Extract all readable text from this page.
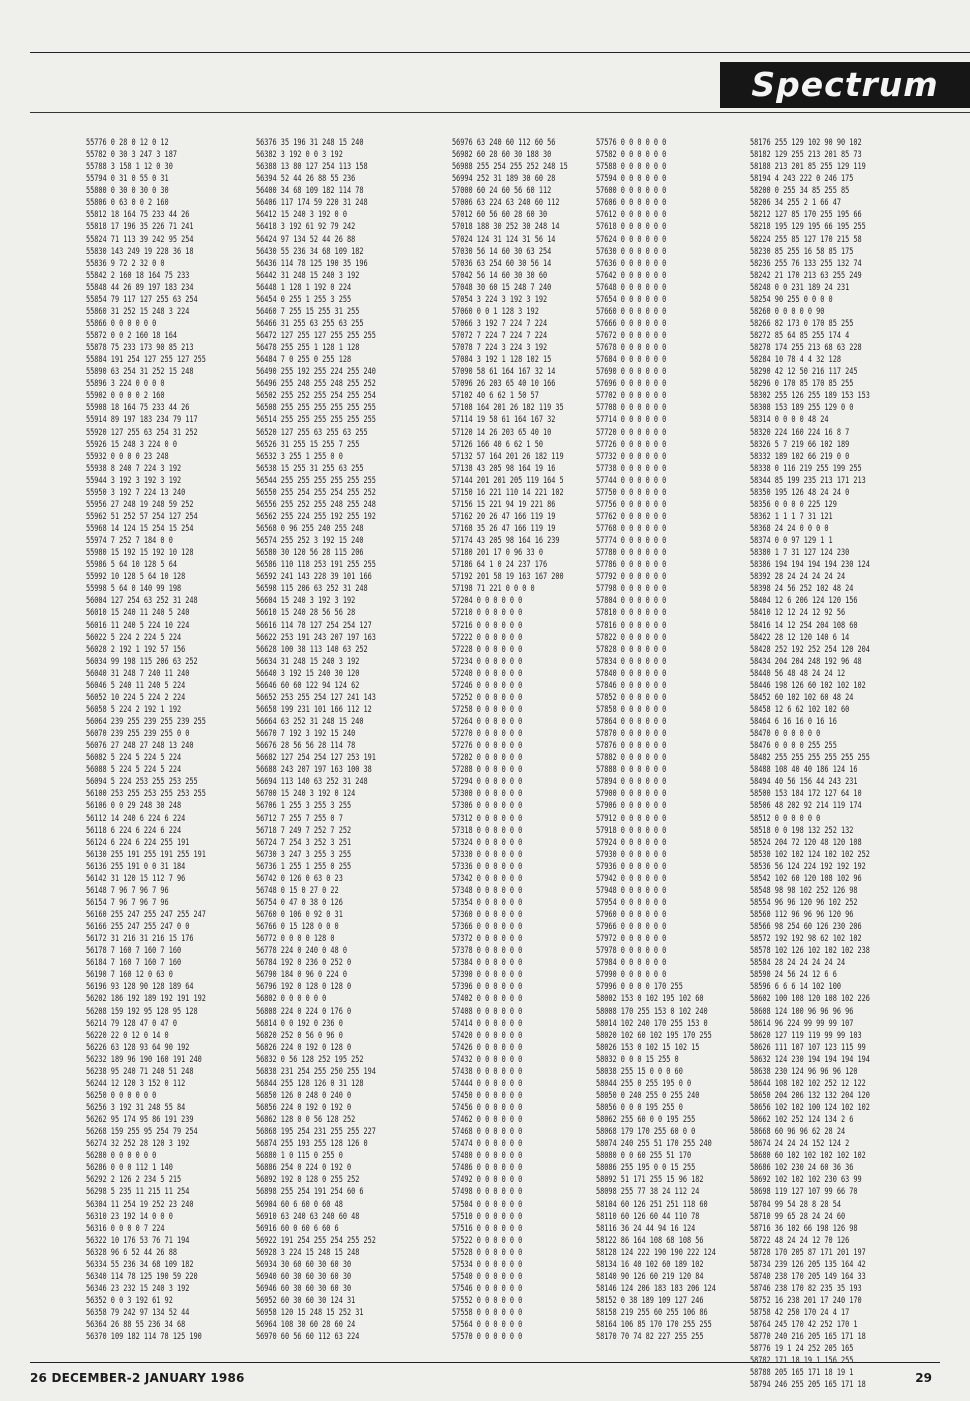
Spectrum
55776 0 28 0 12 0 12
55782 0 30 3 247 3 187
55788 3 158 1 12 0 30
55794 0 31 0 55 0 31
55800 0 30 0 30 0 30
55806 0 63 0 0 2 160
55812 18 164 75 233 44 26
55818 17 196 35 226 71 241
55824 71 113 39 242 95 254
55830 143 249 19 228 36 18
55836 9 72 2 32 0 0
55842 2 160 18 164 75 233
55848 44 26 89 197 183 234
55854 79 117 127 255 63 254
55860 31 252 15 248 3 224
55866 0 0 0 0 0 0
55872 0 0 2 160 18 164
55878 75 233 173 90 85 213
55884 191 254 127 255 127 255
55890 63 254 31 252 15 248
55896 3 224 0 0 0 0
55902 0 0 0 0 2 160
55908 18 164 75 233 44 26
55914 89 197 183 234 79 117
55920 127 255 63 254 31 252
55926 15 248 3 224 0 0
55932 0 0 0 0 23 248
55938 8 240 7 224 3 192
55944 3 192 3 192 3 192
55950 3 192 7 224 13 240
55956 27 248 19 248 59 252
55962 51 252 57 254 127 254
55968 14 124 15 254 15 254
55974 7 252 7 184 0 0
55980 15 192 15 192 10 128
55986 5 64 10 128 5 64
55992 10 128 5 64 10 128
55998 5 64 0 140 99 198
56004 127 254 63 252 31 248
56010 15 240 11 240 5 240
56016 11 240 5 224 10 224
56022 5 224 2 224 5 224
56028 2 192 1 192 57 156
56034 99 198 115 206 63 252
56040 31 248 7 240 11 240
56046 5 240 11 240 5 224
56052 10 224 5 224 2 224
56058 5 224 2 192 1 192
56064 239 255 239 255 239 255
56070 239 255 239 255 0 0
56076 27 248 27 248 13 240
56082 5 224 5 224 5 224
56088 5 224 5 224 5 224
56094 5 224 253 255 253 255
56100 253 255 253 255 253 255
56106 0 0 29 248 30 248
56112 14 240 6 224 6 224
56118 6 224 6 224 6 224
56124 6 224 6 224 255 191
56130 255 191 255 191 255 191
56136 255 191 0 0 31 184
56142 31 120 15 112 7 96
56148 7 96 7 96 7 96
56154 7 96 7 96 7 96
56160 255 247 255 247 255 247
56166 255 247 255 247 0 0
56172 31 216 31 216 15 176
56178 7 160 7 160 7 160
56184 7 160 7 160 7 160
56190 7 160 12 0 63 0
56196 93 128 90 128 189 64
56202 186 192 189 192 191 192
56208 159 192 95 128 95 128
56214 79 128 47 0 47 0
56220 22 0 12 0 14 0
56226 63 128 93 64 90 192
56232 189 96 190 160 191 240
56238 95 240 71 240 51 248
56244 12 120 3 152 0 112
56250 0 0 0 0 0 0
56256 3 192 31 248 55 84
56262 95 174 95 86 191 239
56268 159 255 95 254 79 254
56274 32 252 28 120 3 192
56280 0 0 0 0 0 0
56286 0 0 0 112 1 140
56292 2 126 2 234 5 215
56298 5 235 11 215 11 254
56304 11 254 19 252 23 240
56310 23 192 14 0 0 0
56316 0 0 0 0 7 224
56322 10 176 53 76 71 194
56328 96 6 52 44 26 88
56334 55 236 34 68 109 182
56340 114 78 125 190 59 220
56346 23 232 15 240 3 192
56352 0 0 3 192 61 92
56358 79 242 97 134 52 44
56364 26 88 55 236 34 68
56370 109 182 114 78 125 190
56376 35 196 31 248 15 240
56382 3 192 0 0 3 192
56388 13 80 127 254 113 158
56394 52 44 26 88 55 236
56400 34 68 109 182 114 78
56406 117 174 59 220 31 248
56412 15 240 3 192 0 0
56418 3 192 61 92 79 242
56424 97 134 52 44 26 88
56430 55 236 34 68 109 182
56436 114 78 125 190 35 196
56442 31 248 15 240 3 192
56448 1 128 1 192 0 224
56454 0 255 1 255 3 255
56460 7 255 15 255 31 255
56466 31 255 63 255 63 255
56472 127 255 127 255 255 255
56478 255 255 1 128 1 128
56484 7 0 255 0 255 128
56490 255 192 255 224 255 240
56496 255 248 255 248 255 252
56502 255 252 255 254 255 254
56508 255 255 255 255 255 255
56514 255 255 255 255 255 255
56520 127 255 63 255 63 255
56526 31 255 15 255 7 255
56532 3 255 1 255 0 0
56538 15 255 31 255 63 255
56544 255 255 255 255 255 255
56550 255 254 255 254 255 252
56556 255 252 255 248 255 248
56562 255 224 255 192 255 192
56568 0 96 255 240 255 248
56574 255 252 3 192 15 240
56580 30 120 56 28 115 206
56586 110 118 253 191 255 255
56592 241 143 228 39 101 166
56598 115 206 63 252 31 248
56604 15 240 3 192 3 192
56610 15 240 28 56 56 28
56616 114 78 127 254 254 127
56622 253 191 243 207 197 163
56628 100 38 113 140 63 252
56634 31 248 15 240 3 192
56640 3 192 15 240 30 120
56646 60 60 122 94 124 62
56652 253 255 254 127 241 143
56658 199 231 101 166 112 12
56664 63 252 31 248 15 240
56670 7 192 3 192 15 240
56676 28 56 56 28 114 78
56682 127 254 254 127 253 191
56688 243 207 197 163 100 38
56694 113 140 63 252 31 248
56700 15 240 3 192 0 124
56706 1 255 3 255 3 255
56712 7 255 7 255 0 7
56718 7 249 7 252 7 252
56724 7 254 3 252 3 251
56730 3 247 3 255 3 255
56736 1 255 1 255 0 255
56742 0 126 0 63 0 23
56748 0 15 0 27 0 22
56754 0 47 0 38 0 126
56760 0 106 0 92 0 31
56766 0 15 128 0 0 0
56772 0 0 0 0 128 0
56778 224 0 240 0 48 0
56784 192 0 236 0 252 0
56790 184 0 96 0 224 0
56796 192 0 128 0 128 0
56802 0 0 0 0 0 0
56808 224 0 224 0 176 0
56814 0 0 192 0 236 0
56820 252 0 56 0 96 0
56826 224 0 192 0 128 0
56832 0 56 128 252 195 252
56838 231 254 255 250 255 194
56844 255 128 126 0 31 128
56850 126 0 248 0 240 0
56856 224 0 192 0 192 0
56862 128 0 0 56 128 252
56868 195 254 231 255 255 227
56874 255 193 255 128 126 0
56880 1 0 115 0 255 0
56886 254 0 224 0 192 0
56892 192 0 128 0 255 252
56898 255 254 191 254 60 6
56904 60 6 60 0 60 48
56910 63 240 63 240 60 48
56916 60 0 60 6 60 6
56922 191 254 255 254 255 252
56928 3 224 15 248 15 248
56934 30 60 60 30 60 30
56940 60 30 60 30 60 30
56946 60 30 60 30 60 30
56952 60 30 60 30 124 31
56958 120 15 248 15 252 31
56964 108 30 60 28 60 24
56970 60 56 60 112 63 224
56976 63 240 60 112 60 56
56982 60 28 60 30 188 30
56988 255 254 255 252 248 15
56994 252 31 189 30 60 28
57000 60 24 60 56 60 112
57006 63 224 63 240 60 112
57012 60 56 60 28 60 30
57018 188 30 252 30 248 14
57024 124 31 124 31 56 14
57030 56 14 60 30 63 254
57036 63 254 60 30 56 14
57042 56 14 60 30 30 60
57048 30 60 15 248 7 240
57054 3 224 3 192 3 192
57060 0 0 1 128 3 192
57066 3 192 7 224 7 224
57072 7 224 7 224 7 224
57078 7 224 3 224 3 192
57084 3 192 1 128 102 15
57090 58 61 164 167 32 14
57096 26 203 65 40 10 166
57102 40 6 62 1 50 57
57108 164 201 26 182 119 35
57114 19 58 61 164 167 32
57120 14 26 203 65 40 10
57126 166 40 6 62 1 50
57132 57 164 201 26 182 119
57138 43 205 98 164 19 16
57144 201 201 205 119 164 5
57150 16 221 110 14 221 102
57156 15 221 94 19 221 86
57162 20 26 47 166 119 19
57168 35 26 47 166 119 19
57174 43 205 98 164 16 239
57180 201 17 0 96 33 0
57186 64 1 0 24 237 176
57192 201 58 19 163 167 200
57198 71 221 0 0 0 0
57204 0 0 0 0 0 0
57210 0 0 0 0 0 0
57216 0 0 0 0 0 0
57222 0 0 0 0 0 0
57228 0 0 0 0 0 0
57234 0 0 0 0 0 0
57240 0 0 0 0 0 0
57246 0 0 0 0 0 0
57252 0 0 0 0 0 0
57258 0 0 0 0 0 0
57264 0 0 0 0 0 0
57270 0 0 0 0 0 0
57276 0 0 0 0 0 0
57282 0 0 0 0 0 0
57288 0 0 0 0 0 0
57294 0 0 0 0 0 0
57300 0 0 0 0 0 0
57306 0 0 0 0 0 0
57312 0 0 0 0 0 0
57318 0 0 0 0 0 0
57324 0 0 0 0 0 0
57330 0 0 0 0 0 0
57336 0 0 0 0 0 0
57342 0 0 0 0 0 0
57348 0 0 0 0 0 0
57354 0 0 0 0 0 0
57360 0 0 0 0 0 0
57366 0 0 0 0 0 0
57372 0 0 0 0 0 0
57378 0 0 0 0 0 0
57384 0 0 0 0 0 0
57390 0 0 0 0 0 0
57396 0 0 0 0 0 0
57402 0 0 0 0 0 0
57408 0 0 0 0 0 0
57414 0 0 0 0 0 0
57420 0 0 0 0 0 0
57426 0 0 0 0 0 0
57432 0 0 0 0 0 0
57438 0 0 0 0 0 0
57444 0 0 0 0 0 0
57450 0 0 0 0 0 0
57456 0 0 0 0 0 0
57462 0 0 0 0 0 0
57468 0 0 0 0 0 0
57474 0 0 0 0 0 0
57480 0 0 0 0 0 0
57486 0 0 0 0 0 0
57492 0 0 0 0 0 0
57498 0 0 0 0 0 0
57504 0 0 0 0 0 0
57510 0 0 0 0 0 0
57516 0 0 0 0 0 0
57522 0 0 0 0 0 0
57528 0 0 0 0 0 0
57534 0 0 0 0 0 0
57540 0 0 0 0 0 0
57546 0 0 0 0 0 0
57552 0 0 0 0 0 0
57558 0 0 0 0 0 0
57564 0 0 0 0 0 0
57570 0 0 0 0 0 0
57576 0 0 0 0 0 0
57582 0 0 0 0 0 0
57588 0 0 0 0 0 0
57594 0 0 0 0 0 0
57600 0 0 0 0 0 0
57606 0 0 0 0 0 0
57612 0 0 0 0 0 0
57618 0 0 0 0 0 0
57624 0 0 0 0 0 0
57630 0 0 0 0 0 0
57636 0 0 0 0 0 0
57642 0 0 0 0 0 0
57648 0 0 0 0 0 0
57654 0 0 0 0 0 0
57660 0 0 0 0 0 0
57666 0 0 0 0 0 0
57672 0 0 0 0 0 0
57678 0 0 0 0 0 0
57684 0 0 0 0 0 0
57690 0 0 0 0 0 0
57696 0 0 0 0 0 0
57702 0 0 0 0 0 0
57708 0 0 0 0 0 0
57714 0 0 0 0 0 0
57720 0 0 0 0 0 0
57726 0 0 0 0 0 0
57732 0 0 0 0 0 0
57738 0 0 0 0 0 0
57744 0 0 0 0 0 0
57750 0 0 0 0 0 0
57756 0 0 0 0 0 0
57762 0 0 0 0 0 0
57768 0 0 0 0 0 0
57774 0 0 0 0 0 0
57780 0 0 0 0 0 0
57786 0 0 0 0 0 0
57792 0 0 0 0 0 0
57798 0 0 0 0 0 0
57804 0 0 0 0 0 0
57810 0 0 0 0 0 0
57816 0 0 0 0 0 0
57822 0 0 0 0 0 0
57828 0 0 0 0 0 0
57834 0 0 0 0 0 0
57840 0 0 0 0 0 0
57846 0 0 0 0 0 0
57852 0 0 0 0 0 0
57858 0 0 0 0 0 0
57864 0 0 0 0 0 0
57870 0 0 0 0 0 0
57876 0 0 0 0 0 0
57882 0 0 0 0 0 0
57888 0 0 0 0 0 0
57894 0 0 0 0 0 0
57900 0 0 0 0 0 0
57906 0 0 0 0 0 0
57912 0 0 0 0 0 0
57918 0 0 0 0 0 0
57924 0 0 0 0 0 0
57930 0 0 0 0 0 0
57936 0 0 0 0 0 0
57942 0 0 0 0 0 0
57948 0 0 0 0 0 0
57954 0 0 0 0 0 0
57960 0 0 0 0 0 0
57966 0 0 0 0 0 0
57972 0 0 0 0 0 0
57978 0 0 0 0 0 0
57984 0 0 0 0 0 0
57990 0 0 0 0 0 0
57996 0 0 0 0 170 255
58002 153 0 102 195 102 60
58008 170 255 153 0 102 240
58014 102 240 170 255 153 0
58020 102 60 102 195 170 255
58026 153 0 102 15 102 15
58032 0 0 0 15 255 0
58038 255 15 0 0 0 60
58044 255 0 255 195 0 0
58050 0 240 255 0 255 240
58056 0 0 0 195 255 0
58062 255 60 0 0 195 255
58068 179 170 255 60 0 0
58074 240 255 51 170 255 240
58080 0 0 60 255 51 170
58086 255 195 0 0 15 255
58092 51 171 255 15 96 182
58098 255 77 38 24 112 24
58104 60 126 251 251 118 60
58110 60 126 60 44 110 78
58116 36 24 44 94 16 124
58122 86 164 108 68 108 56
58128 124 222 190 190 222 124
58134 16 40 102 60 189 102
58140 90 126 60 219 120 84
58146 124 206 183 183 206 124
58152 0 38 189 109 127 246
58158 219 255 60 255 106 86
58164 106 85 170 170 255 255
58170 70 74 82 227 255 255
58176 255 129 102 90 90 102
58182 129 255 213 201 85 73
58188 213 201 85 255 129 119
58194 4 243 222 0 246 175
58200 0 255 34 85 255 85
58206 34 255 2 1 66 47
58212 127 85 170 255 195 66
58218 195 129 195 66 195 255
58224 255 85 127 170 215 58
58230 85 255 16 58 85 175
58236 255 76 133 255 132 74
58242 21 170 213 63 255 249
58248 0 0 231 189 24 231
58254 90 255 0 0 0 0
58260 0 0 0 0 0 90
58266 82 173 0 170 85 255
58272 85 64 85 255 174 4
58278 174 255 213 68 63 228
58284 10 78 4 4 32 128
58290 42 12 50 216 117 245
58296 0 170 85 170 85 255
58302 255 126 255 189 153 153
58308 153 189 255 129 0 0
58314 0 0 0 0 48 24
58320 224 160 224 16 8 7
58326 5 7 219 66 102 189
58332 189 102 66 219 0 0
58338 0 116 219 255 199 255
58344 85 199 235 213 171 213
58350 195 126 48 24 24 0
58356 0 0 0 0 225 129
58362 1 1 1 7 31 121
58368 24 24 0 0 0 0
58374 0 0 97 129 1 1
58380 1 7 31 127 124 230
58386 194 194 194 194 230 124
58392 28 24 24 24 24 24
58398 24 56 252 102 48 24
58404 12 6 206 124 120 156
58410 12 12 24 12 92 56
58416 14 12 254 204 108 60
58422 28 12 120 140 6 14
58428 252 192 252 254 120 204
58434 204 204 248 192 96 48
58440 56 48 48 24 24 12
58446 198 126 60 102 102 102
58452 60 102 102 60 48 24
58458 12 6 62 102 102 60
58464 6 16 16 0 16 16
58470 0 0 0 0 0 0
58476 0 0 0 0 255 255
58482 255 255 255 255 255 255
58488 108 40 40 186 124 16
58494 40 56 156 44 243 231
58500 153 184 172 127 64 10
58506 48 202 92 214 119 174
58512 0 0 0 0 0 0
58518 0 0 198 132 252 132
58524 204 72 120 48 120 108
58530 102 102 124 102 102 252
58536 56 124 224 192 192 192
58542 102 60 120 108 102 96
58548 98 98 102 252 126 98
58554 96 96 120 96 102 252
58560 112 96 96 96 120 96
58566 98 254 60 126 230 206
58572 192 192 98 62 102 102
58578 102 126 102 102 102 238
58584 28 24 24 24 24 24
58590 24 56 24 12 6 6
58596 6 6 6 14 102 100
58602 100 108 120 108 102 226
58608 124 100 96 96 96 96
58614 96 224 99 99 99 107
58620 127 119 119 99 99 103
58626 111 107 107 123 115 99
58632 124 230 194 194 194 194
58638 230 124 96 96 96 120
58644 108 102 102 252 12 122
58650 204 206 132 132 204 120
58656 102 102 100 124 102 102
58662 102 252 124 134 2 6
58668 60 96 96 62 28 24
58674 24 24 24 152 124 2
58680 60 102 102 102 102 102
58686 102 230 24 60 36 36
58692 102 102 102 230 63 99
58698 119 127 107 99 66 70
58704 99 54 28 8 28 54
58710 99 65 28 24 24 60
58716 36 102 66 198 126 98
58722 48 24 24 12 70 126
58728 170 205 87 171 201 197
58734 239 126 205 135 164 42
58740 238 170 205 149 164 33
58746 238 170 82 235 35 193
58752 16 238 201 17 240 170
58758 42 250 170 24 4 17
58764 245 170 42 252 170 1
58770 240 216 205 165 171 18
58776 19 1 24 252 205 165
58782 171 18 19 1 156 255
58788 205 165 171 18 19 1
58794 246 255 205 165 171 18
26 DECEMBER-2 JANUARY 1986	29
